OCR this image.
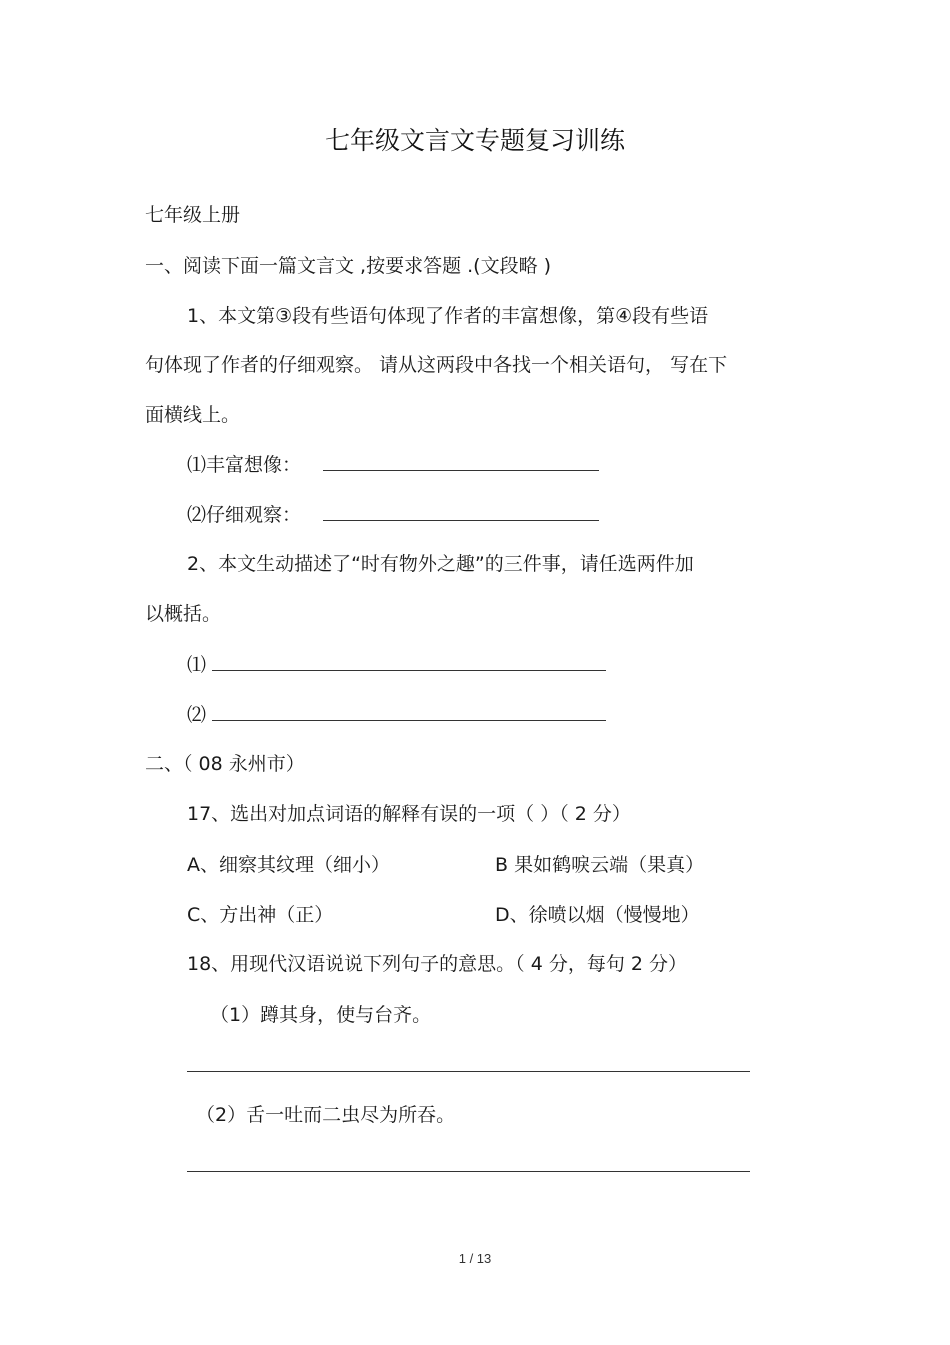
七年级文言文专题复习训练
七年级上册
一、阅读下面一篇文言文 ,按要求答题 .(文段略 )
1、本文第③段有些语句体现了作者的丰富想像，第④段有些语
句体现了作者的仔细观察。 请从这两段中各找一个相关语句， 写在下
面横线上。
⑴丰富想像：
⑵仔细观察：
2、本文生动描述了“时有物外之趣”的三件事，请任选两件加
以概括。
⑴
⑵
二、（ 08 永州市）
17、选出对加点词语的解释有误的一项（ ）（ 2 分）
A、细察其纹理（细小）	B 果如鹤唳云端（果真）
C、方出神（正）	D、徐喷以烟（慢慢地）
18、用现代汉语说说下列句子的意思。（ 4 分，每句 2 分）
（1）蹲其身，使与台齐。
（2）舌一吐而二虫尽为所吞。
1 / 13
